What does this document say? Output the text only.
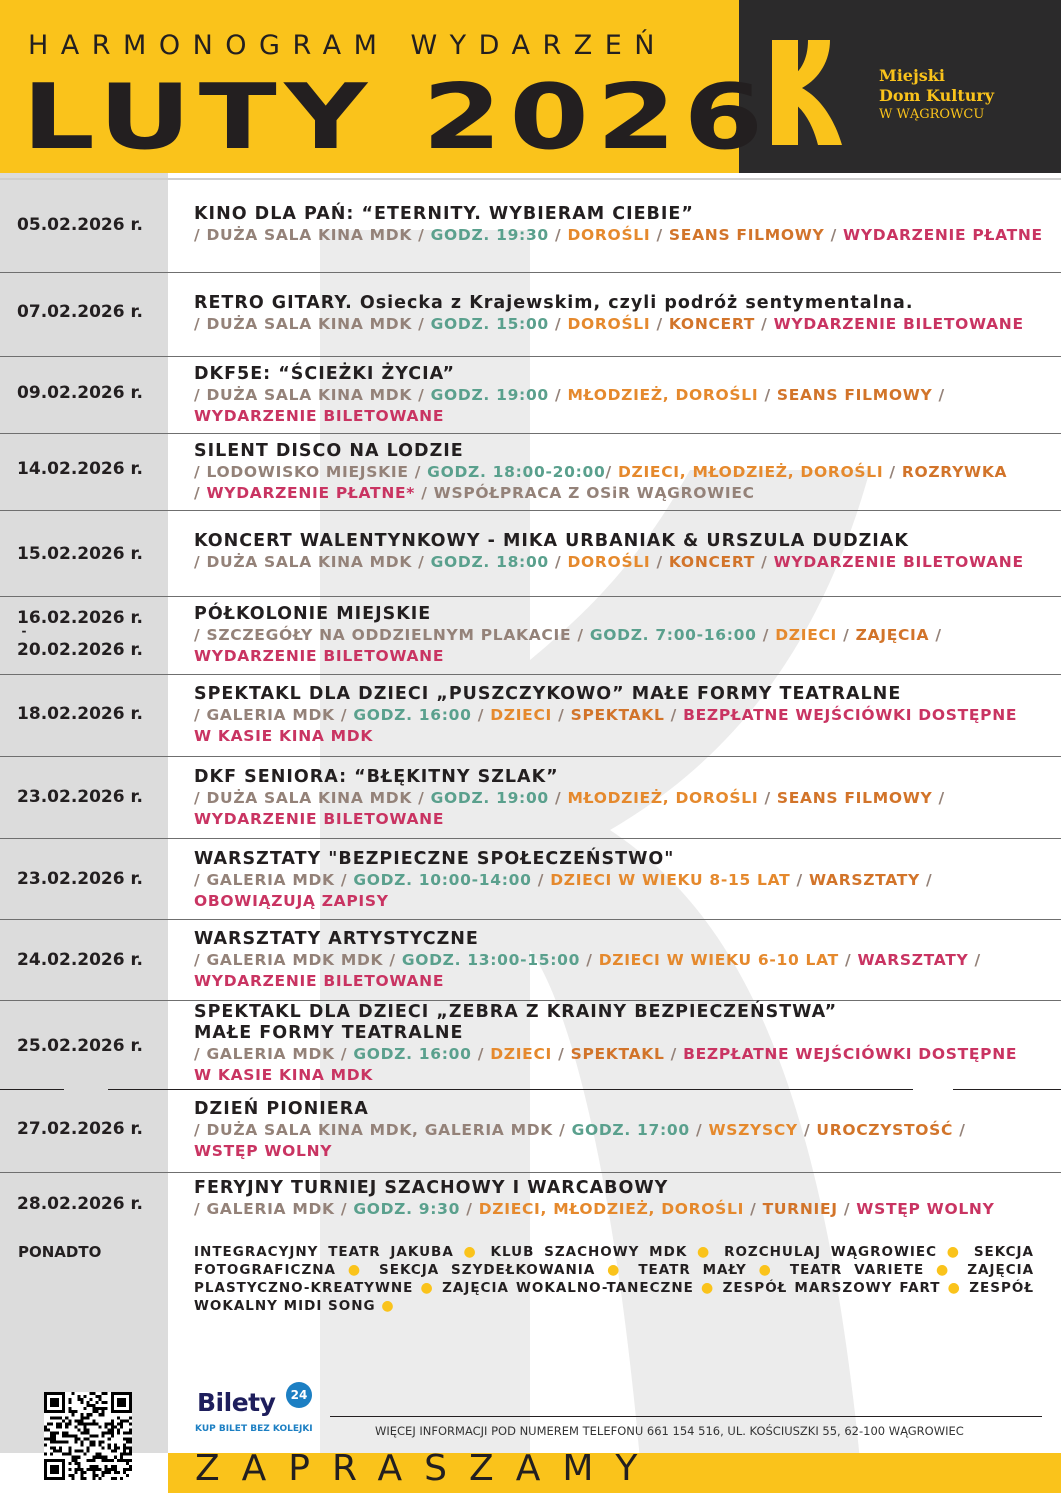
HARMONOGRAM WYDARZEŃ
LUTY 2026	Miejski
Dom Kultury
W WĄGROWCU
05.02.2026 r.
KINO DLA PAŃ: “ETERNITY. WYBIERAM CIEBIE”
/ DUŻA SALA KINA MDK / GODZ. 19:30 / DOROŚLI / SEANS FILMOWY / WYDARZENIE PŁATNE
07.02.2026 r.	RETRO GITARY. Osiecka z Krajewskim, czyli podróż sentymentalna.
/ DUŻA SALA KINA MDK / GODZ. 15:00 / DOROŚLI / KONCERT / WYDARZENIE BILETOWANE
09.02.2026 r.
DKF5E: “ŚCIEŻKI ŻYCIA”
/ DUŻA SALA KINA MDK / GODZ. 19:00 / MŁODZIEŻ, DOROŚLI / SEANS FILMOWY /
WYDARZENIE BILETOWANE
14.02.2026 r.
SILENT DISCO NA LODZIE
/ LODOWISKO MIEJSKIE / GODZ. 18:00-20:00/ DZIECI, MŁODZIEŻ, DOROŚLI / ROZRYWKA
/ WYDARZENIE PŁATNE* / WSPÓŁPRACA Z OSiR WĄGROWIEC
15.02.2026 r.
KONCERT WALENTYNKOWY - MIKA URBANIAK & URSZULA DUDZIAK
/ DUŻA SALA KINA MDK / GODZ. 18:00 / DOROŚLI / KONCERT / WYDARZENIE BILETOWANE
16.02.2026 r.
-
20.02.2026 r.
PÓŁKOLONIE MIEJSKIE
/ SZCZEGÓŁY NA ODDZIELNYM PLAKACIE / GODZ. 7:00-16:00 / DZIECI / ZAJĘCIA /
WYDARZENIE BILETOWANE
18.02.2026 r.
SPEKTAKL DLA DZIECI „PUSZCZYKOWO” MAŁE FORMY TEATRALNE
/ GALERIA MDK / GODZ. 16:00 / DZIECI / SPEKTAKL / BEZPŁATNE WEJŚCIÓWKI DOSTĘPNE
W KASIE KINA MDK
23.02.2026 r.
DKF SENIORA: “BŁĘKITNY SZLAK”
/ DUŻA SALA KINA MDK / GODZ. 19:00 / MŁODZIEŻ, DOROŚLI / SEANS FILMOWY /
WYDARZENIE BILETOWANE
23.02.2026 r.
WARSZTATY "BEZPIECZNE SPOŁECZEŃSTWO"
/ GALERIA MDK / GODZ. 10:00-14:00 / DZIECI W WIEKU 8-15 LAT / WARSZTATY /
OBOWIĄZUJĄ ZAPISY
24.02.2026 r.
WARSZTATY ARTYSTYCZNE
/ GALERIA MDK MDK / GODZ. 13:00-15:00 / DZIECI W WIEKU 6-10 LAT / WARSZTATY /
WYDARZENIE BILETOWANE
25.02.2026 r.
SPEKTAKL DLA DZIECI „ZEBRA Z KRAINY BEZPIECZEŃSTWA”
MAŁE FORMY TEATRALNE
/ GALERIA MDK / GODZ. 16:00 / DZIECI / SPEKTAKL / BEZPŁATNE WEJŚCIÓWKI DOSTĘPNE
W KASIE KINA MDK
27.02.2026 r.
DZIEŃ PIONIERA
/ DUŻA SALA KINA MDK, GALERIA MDK / GODZ. 17:00 / WSZYSCY / UROCZYSTOŚĆ /
WSTĘP WOLNY
28.02.2026 r.
FERYJNY TURNIEJ SZACHOWY I WARCABOWY
/ GALERIA MDK / GODZ. 9:30 / DZIECI, MŁODZIEŻ, DOROŚLI / TURNIEJ / WSTĘP WOLNY
PONADTO	INTEGRACYJNY TEATR JAKUBA ● KLUB SZACHOWY MDK ● ROZCHULAJ WĄGROWIEC ● SEKCJA FOTOGRAFICZNA ● SEKCJA SZYDEŁKOWANIA ● TEATR MAŁY ● TEATR VARIETE ● ZAJĘCIA PLASTYCZNO-KREATYWNE ● ZAJĘCIA WOKALNO-TANECZNE ● ZESPÓŁ MARSZOWY FART ● ZESPÓŁ WOKALNY MIDI SONG ●
Bilety	24
KUP BILET BEZ KOLEJKI	WIĘCEJ INFORMACJI POD NUMEREM TELEFONU 661 154 516, UL. KOŚCIUSZKI 55, 62-100 WĄGROWIEC
ZAPRASZAMY
